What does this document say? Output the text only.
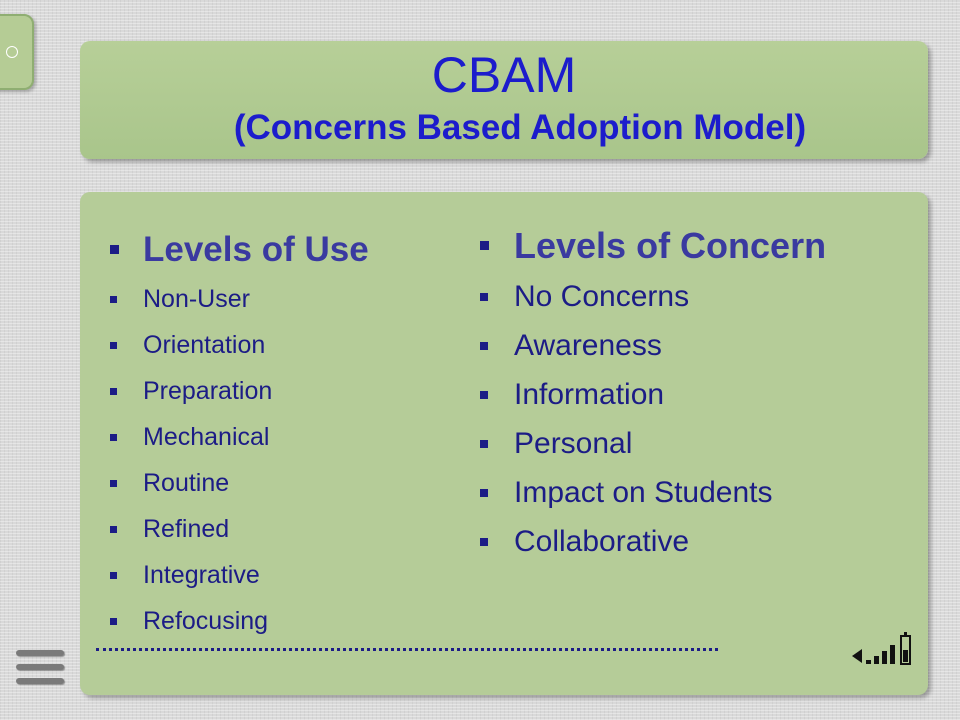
CBAM
(Concerns Based Adoption Model)
Levels of Use
Non-User
Orientation
Preparation
Mechanical
Routine
Refined
Integrative
Refocusing
Levels of Concern
No Concerns
Awareness
Information
Personal
Impact on Students
Collaborative
